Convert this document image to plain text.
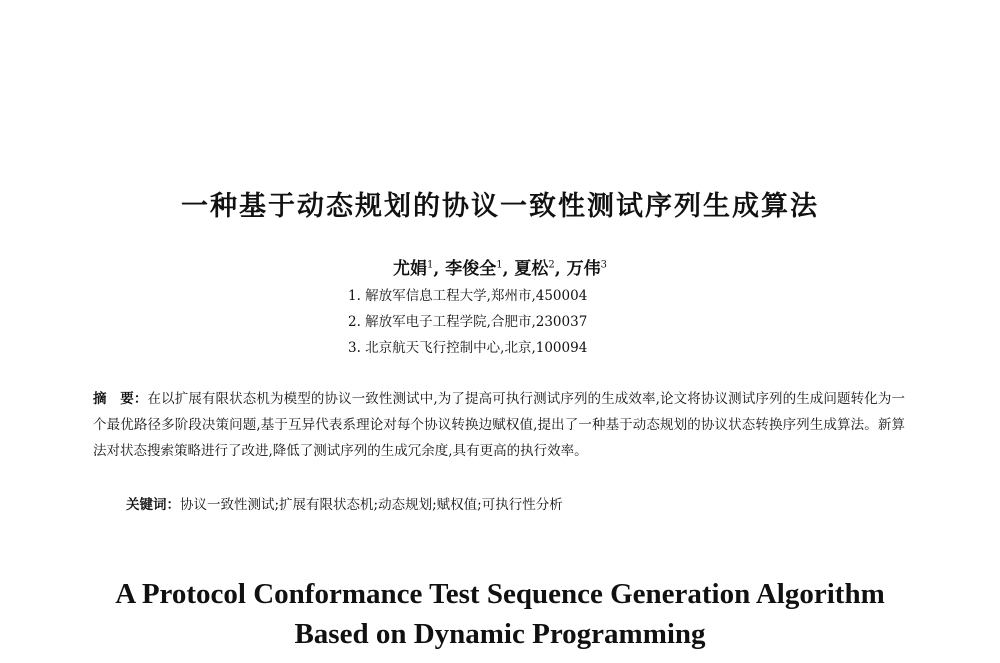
一种基于动态规划的协议一致性测试序列生成算法
尤娟$^1$, 李俊全$^1$, 夏松$^2$, 万伟$^3$
1. 解放军信息工程大学,郑州市,450004
2. 解放军电子工程学院,合肥市,230037
3. 北京航天飞行控制中心,北京,100094
摘　要：在以扩展有限状态机为模型的协议一致性测试中,为了提高可执行测试序列的生成效率,论文将协议测试序列的生成问题转化为一个最优路径多阶段决策问题,基于互异代表系理论对每个协议转换边赋权值,提出了一种基于动态规划的协议状态转换序列生成算法。新算法对状态搜索策略进行了改进,降低了测试序列的生成冗余度,具有更高的执行效率。
关键词：协议一致性测试;扩展有限状态机;动态规划;赋权值;可执行性分析
A Protocol Conformance Test Sequence Generation Algorithm
Based on Dynamic Programming
